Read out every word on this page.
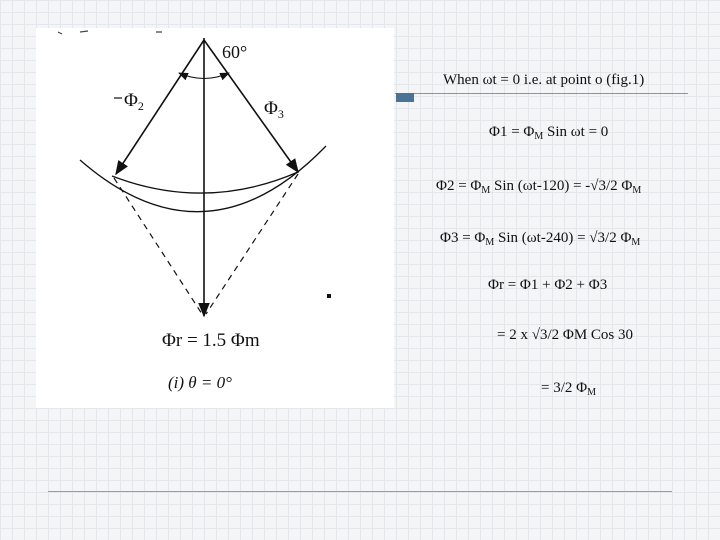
60°
$\Phi_2$	$\Phi_3$
Φr = 1.5 Φm
(i) θ = 0°
When ωt = 0 i.e. at point o (fig.1)
$\Phi 1 = \Phi_M$ Sin ωt = 0
$\Phi 2 = \Phi_M$ Sin (ωt-120) = -√3/2 $\Phi_M$
$\Phi 3 = \Phi_M$ Sin (ωt-240) = √3/2 $\Phi_M$
Φr = Φ1 + Φ2 + Φ3
= 2 x √3/2 ΦM Cos 30
= 3/2 $\Phi_M$
